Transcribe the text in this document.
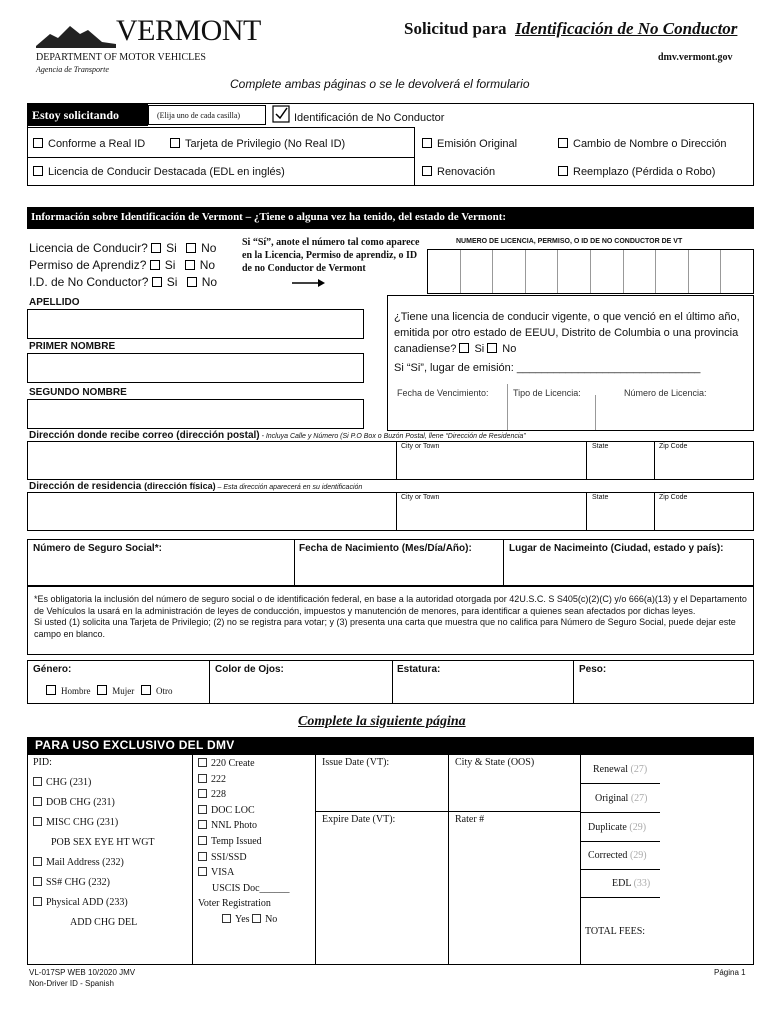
VERMONT
DEPARTMENT OF MOTOR VEHICLES
Agencia de Transporte
Solicitud para Identificación de No Conductor
dmv.vermont.gov
Complete ambas páginas o se le devolverá el formulario
Estoy solicitando	(Elija uno de cada casilla)	Identificación de No Conductor
Conforme a Real ID	Tarjeta de Privilegio (No Real ID)	Emisión Original	Cambio de Nombre o Dirección
Licencia de Conducir Destacada (EDL en inglés)	Renovación	Reemplazo (Pérdida o Robo)
Información sobre Identificación de Vermont – ¿Tiene o alguna vez ha tenido, del estado de Vermont:
Licencia de Conducir? Si No
Permiso de Aprendiz? Si No
I.D. de No Conductor? Si No
Si “Sí”, anote el número tal como aparece en la Licencia, Permiso de aprendiz, o ID de no Conductor de Vermont
NUMERO DE LICENCIA, PERMISO, O ID DE NO CONDUCTOR DE VT
APELLIDO
PRIMER NOMBRE
SEGUNDO NOMBRE
¿Tiene una licencia de conducir vigente, o que venció en el último año, emitida por otro estado de EEUU, Distrito de Columbia o una provincia canadiense? Si No
Si “Si”, lugar de emisión: ______________________________
Fecha de Vencimiento:	Tipo de Licencia:	Número de Licencia:
Dirección donde recibe correo (dirección postal) - Incluya Calle y Número (Si P.O Box o Buzón Postal, llene “Dirección de Residencia”
City or Town	State	Zip Code
Dirección de residencia (dirección física) – Esta dirección aparecerá en su identificación
City or Town	State	Zip Code
Número de Seguro Social*:	Fecha de Nacimiento (Mes/Día/Año):	Lugar de Nacimeinto (Ciudad, estado y país):
*Es obligatoria la inclusión del número de seguro social o de identificación federal, en base a la autoridad otorgada por 42U.S.C. S S405(c)(2)(C) y/o 666(a)(13) y el Departamento de Vehículos la usará en la administración de leyes de conducción, impuestos y manutención de menores, para identificar a quienes sean afectados por dichas leyes.
Si usted (1) solicita una Tarjeta de Privilegio; (2) no se registra para votar; y (3) presenta una carta que muestra que no califica para Número de Seguro Social, puede dejar este campo en blanco.
Género:	Color de Ojos:	Estatura:	Peso:
Hombre Mujer Otro
Complete la siguiente página
PARA USO EXCLUSIVO DEL DMV
PID:
CHG (231)
DOB CHG (231)
MISC CHG (231)
POB SEX EYE HT WGT
Mail Address (232)
SS# CHG (232)
Physical ADD (233)
ADD CHG DEL
220 Create
222
228
DOC LOC
NNL Photo
Temp Issued
SSI/SSD
VISA
USCIS Doc______
Voter Registration
Yes No
Issue Date (VT):	City & State (OOS)
Expire Date (VT):	Rater #
Renewal (27)
Original (27)
Duplicate (29)
Corrected (29)
EDL (33)
TOTAL FEES:
VL-017SP WEB 10/2020 JMV
Non-Driver ID - Spanish
Página 1
